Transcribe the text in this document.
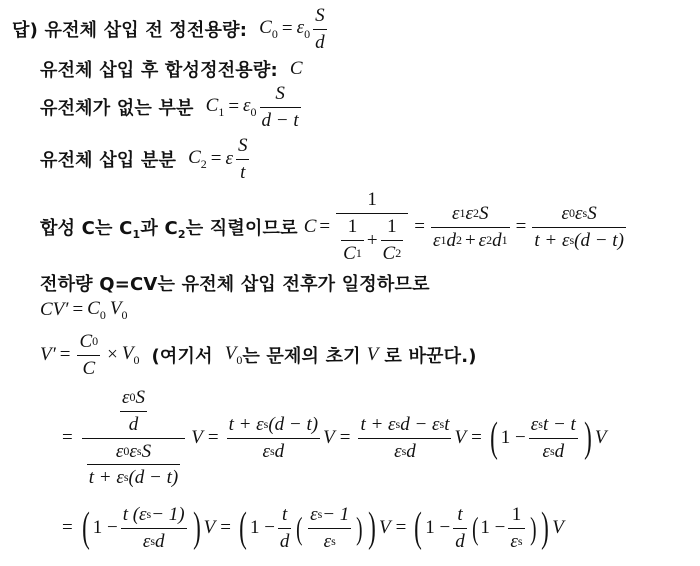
답) 유전체 삽입 전 정전용량: $C_0 = \varepsilon_0 \frac{S}{d}$
유전체 삽입 후 합성정전용량: C
유전체가 없는 부분 $C_1 = \varepsilon_0 \frac{S}{d - t}$
유전체 삽입 분분 $C_2 = \varepsilon \frac{S}{t}$
합성 C는 $C_1$과 $C_2$는 직렬이므로 $C = \frac{1}{\frac{1}{C 1} + \frac{1}{C 2}} = \frac{\varepsilon 1 \varepsilon 2 S}{\varepsilon 1 d 2 + \varepsilon 2 d 1} = \frac{\text{ε 0 ε s S}}{\text{t + ε s (d − t)}}$
전하량 Q=CV는 유전체 삽입 전후가 일정하므로
$CV' = C_0$ $V_0$
$V' = \frac{C 0}{C} \times V_0$ (여기서 $V_0$ 는 문제의 초기 V 로 바꾼다.)
= $\frac{\frac{\varepsilon 0 S}{d}}{\frac{\text{ε 0 ε s S}}{\text{t + ε s (d − t)}}}$ $V = \frac{\text{t + ε s (d − t)}}{\text{ε s d}}$ $V = \frac{\text{t + ε s d − ε s t}}{\text{ε s d}}$ V = ( $1 - \frac{\text{ε s t − t}}{\text{ε s d}}$ ) V
= ( $1 - \frac{\text{t (ε s − 1)}}{\text{ε s d}}$ ) V = ( $1 - \frac{t}{d}$ ( $\frac{\text{ε s − 1}}{\text{ε s}}$ ) ) V = ( $1 - \frac{t}{d}$ ( $1 - \frac{1}{\text{ε s}}$ ) ) V
